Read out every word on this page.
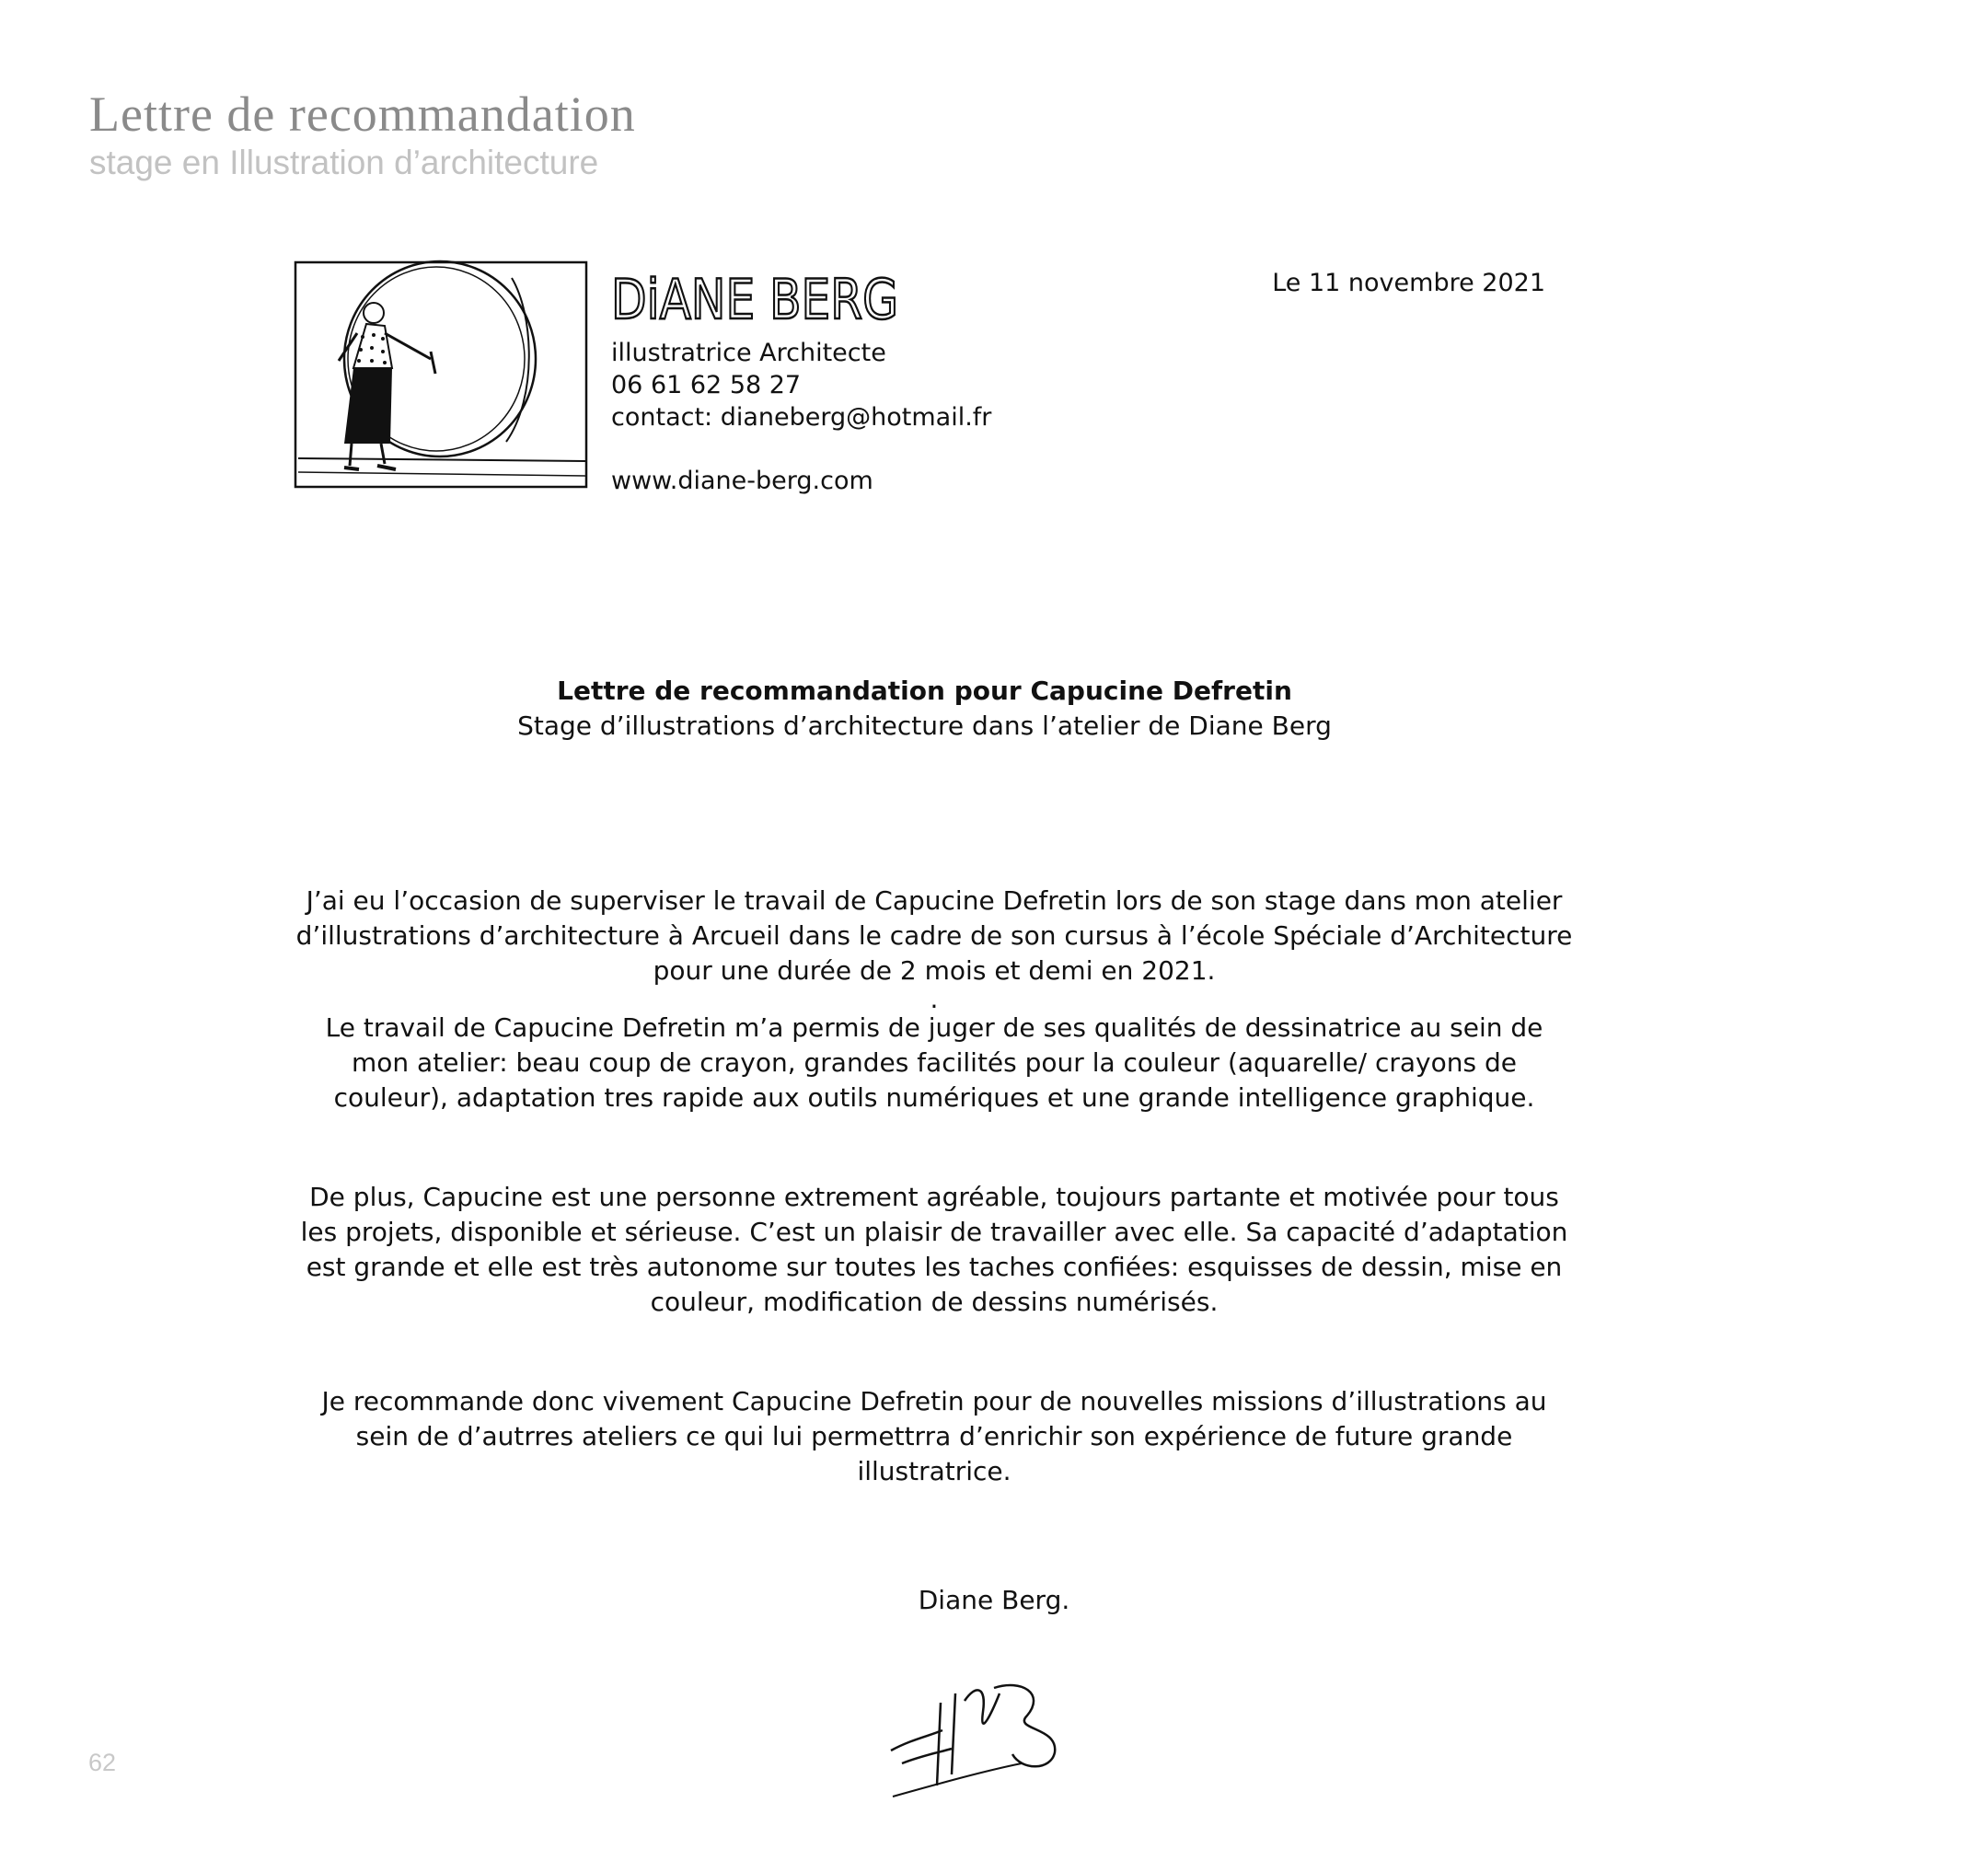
Lettre de recommandation
stage en Illustration d’architecture
DiANE BERG
illustratrice Architecte
06 61 62 58 27
contact: dianeberg@hotmail.fr
www.diane-berg.com
Le 11 novembre 2021
Lettre de recommandation pour Capucine Defretin
Stage d’illustrations d’architecture dans l’atelier de Diane Berg

J’ai eu l’occasion de superviser le travail de Capucine Defretin lors de son stage dans mon atelier
d’illustrations d’architecture à Arcueil dans le cadre de son cursus à l’école Spéciale d’Architecture
pour une durée de 2 mois et demi en 2021.

.

Le travail de Capucine Defretin m’a permis de juger de ses qualités de dessinatrice au sein de
mon atelier: beau coup de crayon, grandes facilités pour la couleur (aquarelle/ crayons de
couleur), adaptation tres rapide aux outils numériques et une grande intelligence graphique.

De plus, Capucine est une personne extrement agréable, toujours partante et motivée pour tous
les projets, disponible et sérieuse. C’est un plaisir de travailler avec elle. Sa capacité d’adaptation
est grande et elle est très autonome sur toutes les taches confiées: esquisses de dessin, mise en
couleur, modification de dessins numérisés.

Je recommande donc vivement Capucine Defretin pour de nouvelles missions d’illustrations au
sein de d’autrres ateliers ce qui lui permettrra d’enrichir son expérience de future grande
illustratrice.

Diane Berg.
62
